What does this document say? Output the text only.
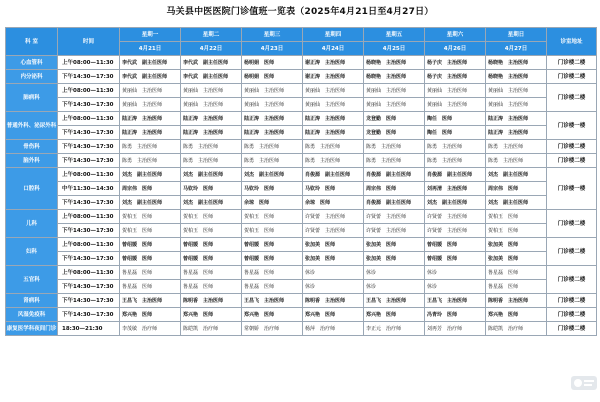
马关县中医医院门诊值班一览表（2025年4月21日至4月27日）
科 室	时间	星期一	星期二	星期三	星期四	星期五	星期六	星期日	诊室地址
		4月21日	4月22日	4月23日	4月24日	4月25日	4月26日	4月27日	
心血管科	上午08:00—11:30	李代武　副主任医师	李代武　副主任医师	杨明娟　医师	谢正涛　主治医师	杨晓艳　主治医师	杨子庆　主治医师	杨晓艳　主治医师	门诊楼二楼
内分泌科	下午14:30—17:30	李代武　副主任医师	李代武　副主任医师	杨明娟　医师	谢正涛　主治医师	杨晓艳　主治医师	杨子庆　主治医师	杨晓艳　主治医师	门诊楼二楼
肺病科	上午08:00—11:30	黄丽仙　主治医师	黄丽仙　主治医师	黄丽仙　主治医师	黄丽仙　主治医师	黄丽仙　主治医师	黄丽仙　主治医师	黄丽仙　主治医师	门诊楼二楼
	下午14:30—17:30	黄丽仙　主治医师	黄丽仙　主治医师	黄丽仙　主治医师	黄丽仙　主治医师	黄丽仙　主治医师	黄丽仙　主治医师	黄丽仙　主治医师	
普通外科、泌尿外科	上午08:00—11:30	陆正涛　主治医师	陆正涛　主治医师	陆正涛　主治医师	陆正涛　主治医师	龙登勤　医师	陶任　医师	陆正涛　主治医师	门诊楼一楼
	下午14:30—17:30	陆正涛　主治医师	陆正涛　主治医师	陆正涛　主治医师	陆正涛　主治医师	龙登勤　医师	陶任　医师	陆正涛　主治医师	
骨伤科	下午14:30—17:30	陈勇　主治医师	陈勇　主治医师	陈勇　主治医师	陈勇　主治医师	陈勇　主治医师	陈勇　主治医师	陈勇　主治医师	门诊楼二楼
脑外科	下午14:30—17:30	陈勇　主治医师	陈勇　主治医师	陈勇　主治医师	陈勇　主治医师	陈勇　主治医师	陈勇　主治医师	陈勇　主治医师	门诊楼二楼
口腔科	上午08:00—11:30	刘杰　副主任医师	刘杰　副主任医师	刘杰　副主任医师	肖俊源　副主任医师	肖俊源　副主任医师	肖俊源　副主任医师	刘杰　副主任医师	门诊楼一楼
	中午11:30—14:30	周宗伟　医师	马钦玲　医师	马钦玲　医师	马钦玲　医师	周宗伟　医师	刘再清　主治医师	周宗伟　医师	
	下午14:30—17:30	刘杰　副主任医师	刘杰　副主任医师	余琼　医师	余琼　医师	肖俊源　副主任医师	刘杰　副主任医师	刘杰　副主任医师	
儿科	上午08:00—11:30	贺柏玉　医师	贺柏玉　医师	贺柏玉　医师	许贤蕾　主治医师	许贤蕾　主治医师	许贤蕾　主治医师	贺柏玉　医师	门诊楼二楼
	下午14:30—17:30	贺柏玉　医师	贺柏玉　医师	贺柏玉　医师	许贤蕾　主治医师	许贤蕾　主治医师	许贤蕾　主治医师	贺柏玉　医师	
妇科	上午08:00—11:30	曾绍媛　医师	曾绍媛　医师	曾绍媛　医师	张加美　医师	张加美　医师	曾绍媛　医师	张加美　医师	门诊楼二楼
	下午14:30—17:30	曾绍媛　医师	曾绍媛　医师	曾绍媛　医师	张加美　医师	张加美　医师	曾绍媛　医师	张加美　医师	
五官科	上午08:00—11:30	鲁星磊　医师	鲁星磊　医师	鲁星磊　医师	休诊	休诊	休诊	鲁星磊　医师	门诊楼二楼
	下午14:30—17:30	鲁星磊　医师	鲁星磊　医师	鲁星磊　医师	休诊	休诊	休诊	鲁星磊　医师	
肾病科	下午14:30—17:30	王昌飞　主治医师	陈明香　主治医师	王昌飞　主治医师	陈明香　主治医师	王昌飞　主治医师	王昌飞　主治医师	陈明香　主治医师	门诊楼二楼
风湿免疫科	下午14:30—17:30	郑兴艳　医师	郑兴艳　医师	郑兴艳　医师	郑兴艳　医师	郑兴艳　医师	冯青玲　医师	郑兴艳　医师	门诊楼二楼
康复医学科夜间门诊	18:30—21:30	李茂敏　治疗师	陈皑凯　治疗师	常朝娇　治疗师	杨萍　治疗师	李正元　治疗师	刘再芳　治疗师	陈皑凯　治疗师	门诊楼二楼
